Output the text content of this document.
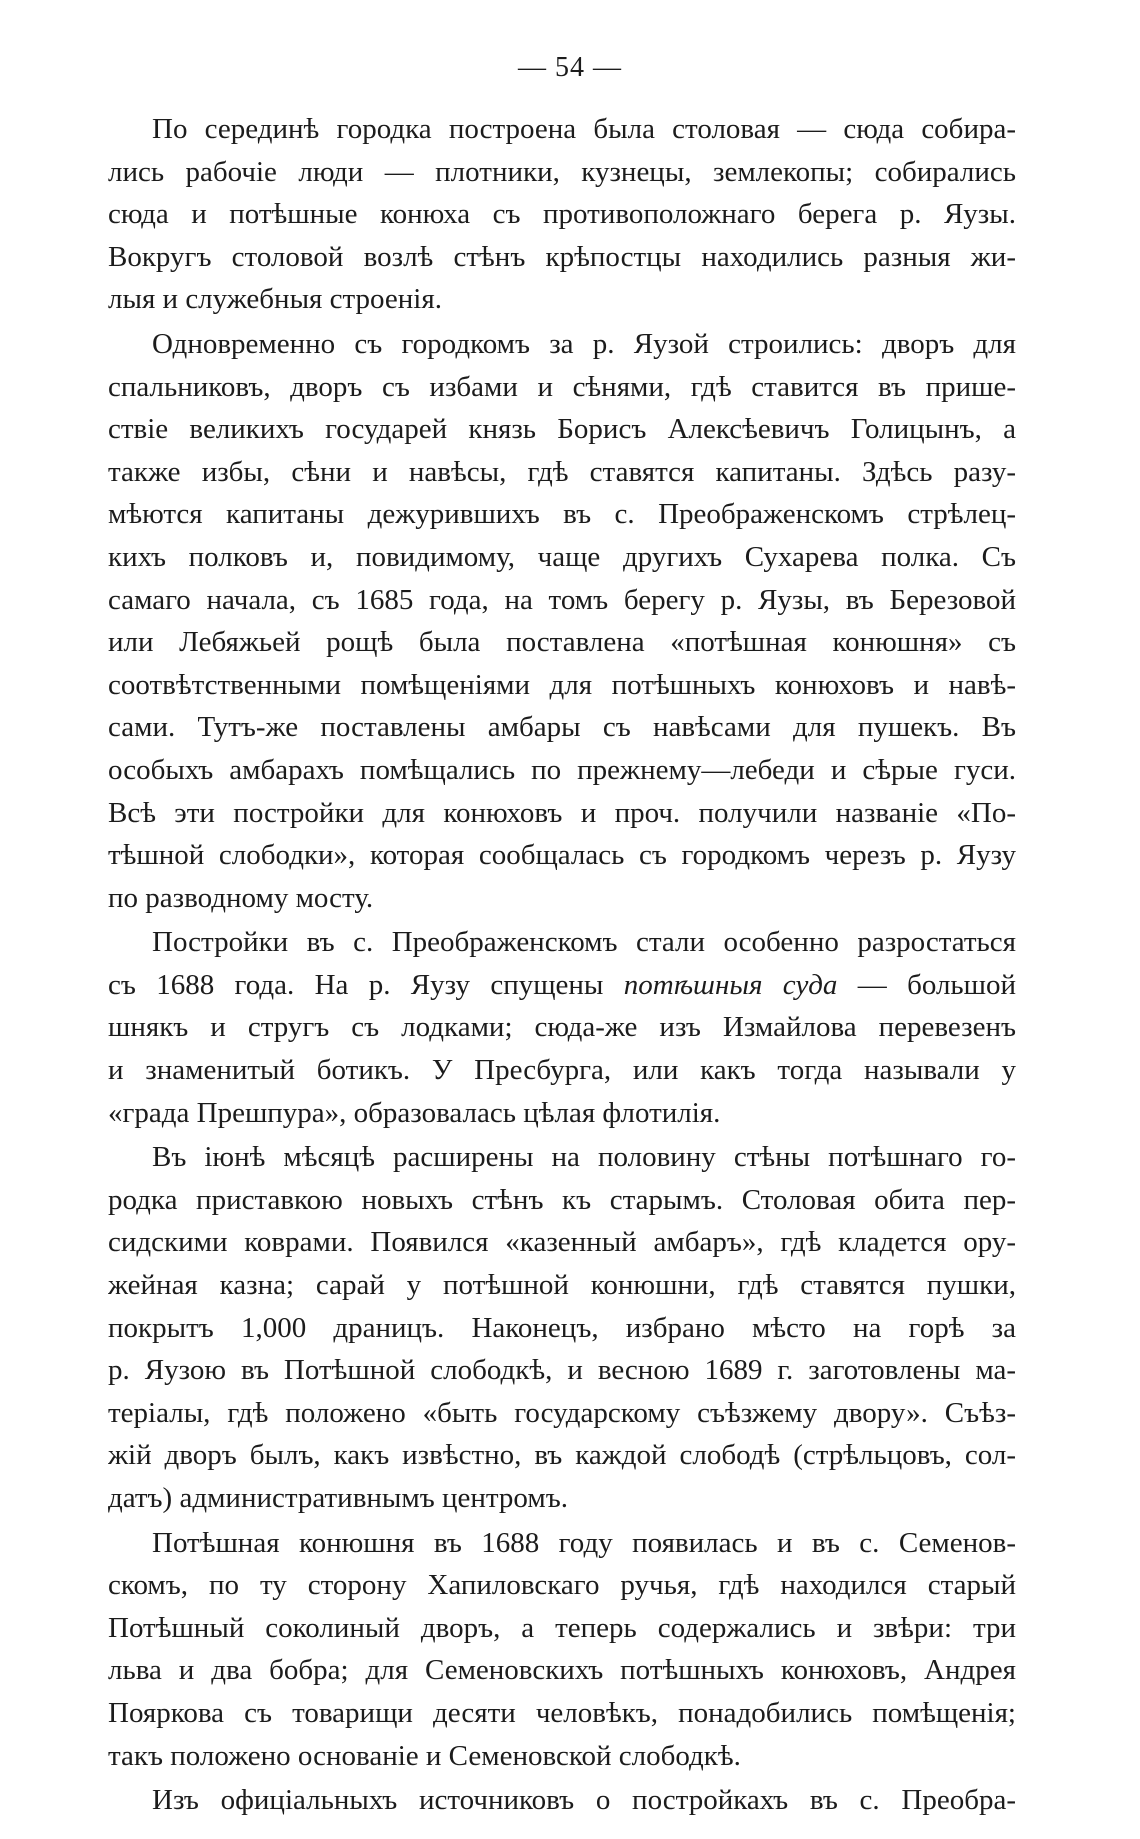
— 54 —
По серединѣ городка построена была столовая — сюда собира-
лись рабочіе люди — плотники, кузнецы, землекопы; собирались
сюда и потѣшные конюха съ противоположнаго берега р. Яузы.
Вокругъ столовой возлѣ стѣнъ крѣпостцы находились разныя жи-
лыя и служебныя строенія.
Одновременно съ городкомъ за р. Яузой строились: дворъ для
спальниковъ, дворъ съ избами и сѣнями, гдѣ ставится въ прише-
ствіе великихъ государей князь Борисъ Алексѣевичъ Голицынъ, а
также избы, сѣни и навѣсы, гдѣ ставятся капитаны. Здѣсь разу-
мѣются капитаны дежурившихъ въ с. Преображенскомъ стрѣлец-
кихъ полковъ и, повидимому, чаще другихъ Сухарева полка. Съ
самаго начала, съ 1685 года, на томъ берегу р. Яузы, въ Березовой
или Лебяжьей рощѣ была поставлена «потѣшная конюшня» съ
соотвѣтственными помѣщеніями для потѣшныхъ конюховъ и навѣ-
сами. Тутъ-же поставлены амбары съ навѣсами для пушекъ. Въ
особыхъ амбарахъ помѣщались по прежнему—лебеди и сѣрые гуси.
Всѣ эти постройки для конюховъ и проч. получили названіе «По-
тѣшной слободки», которая сообщалась съ городкомъ черезъ р. Яузу
по разводному мосту.
Постройки въ с. Преображенскомъ стали особенно разростаться
съ 1688 года. На р. Яузу спущены потѣшныя суда — большой
шнякъ и стругъ съ лодками; сюда-же изъ Измайлова перевезенъ
и знаменитый ботикъ. У Пресбурга, или какъ тогда называли у
«града Прешпура», образовалась цѣлая флотилія.
Въ іюнѣ мѣсяцѣ расширены на половину стѣны потѣшнаго го-
родка приставкою новыхъ стѣнъ къ старымъ. Столовая обита пер-
сидскими коврами. Появился «казенный амбаръ», гдѣ кладется ору-
жейная казна; сарай у потѣшной конюшни, гдѣ ставятся пушки,
покрытъ 1,000 драницъ. Наконецъ, избрано мѣсто на горѣ за
р. Яузою въ Потѣшной слободкѣ, и весною 1689 г. заготовлены ма-
теріалы, гдѣ положено «быть государскому съѣзжему двору». Съѣз-
жій дворъ былъ, какъ извѣстно, въ каждой слободѣ (стрѣльцовъ, сол-
датъ) административнымъ центромъ.
Потѣшная конюшня въ 1688 году появилась и въ с. Семенов-
скомъ, по ту сторону Хапиловскаго ручья, гдѣ находился старый
Потѣшный соколиный дворъ, а теперь содержались и звѣри: три
льва и два бобра; для Семеновскихъ потѣшныхъ конюховъ, Андрея
Пояркова съ товарищи десяти человѣкъ, понадобились помѣщенія;
такъ положено основаніе и Семеновской слободкѣ.
Изъ офиціальныхъ источниковъ о постройкахъ въ с. Преобра-
